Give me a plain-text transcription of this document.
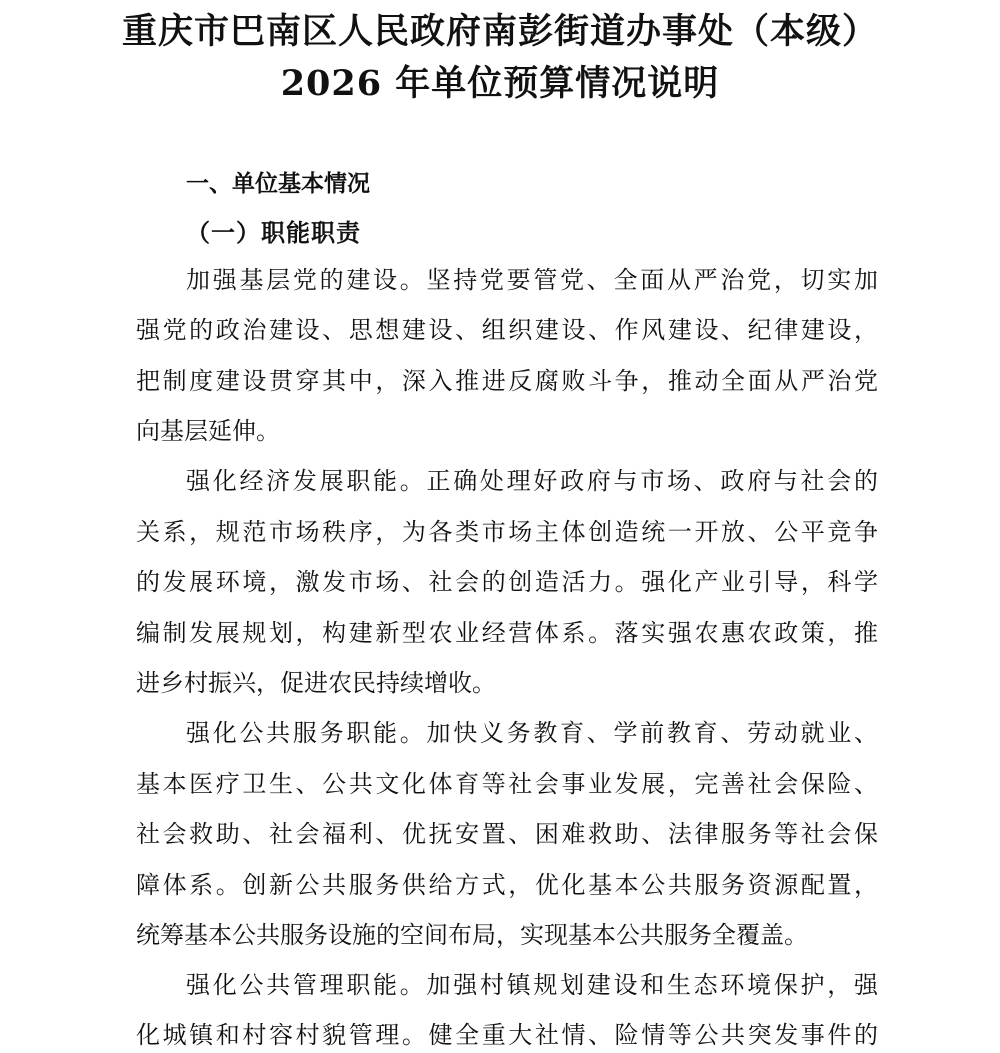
重庆市巴南区人民政府南彭街道办事处（本级）
2026 年单位预算情况说明
一、单位基本情况
（一）职能职责

加强基层党的建设。坚持党要管党、全面从严治党，切实加

强党的政治建设、思想建设、组织建设、作风建设、纪律建设，

把制度建设贯穿其中，深入推进反腐败斗争，推动全面从严治党

向基层延伸。

强化经济发展职能。正确处理好政府与市场、政府与社会的

关系，规范市场秩序，为各类市场主体创造统一开放、公平竞争

的发展环境，激发市场、社会的创造活力。强化产业引导，科学

编制发展规划，构建新型农业经营体系。落实强农惠农政策，推

进乡村振兴，促进农民持续增收。

强化公共服务职能。加快义务教育、学前教育、劳动就业、

基本医疗卫生、公共文化体育等社会事业发展，完善社会保险、

社会救助、社会福利、优抚安置、困难救助、法律服务等社会保

障体系。创新公共服务供给方式，优化基本公共服务资源配置，

统筹基本公共服务设施的空间布局，实现基本公共服务全覆盖。

强化公共管理职能。加强村镇规划建设和生态环境保护，强

化城镇和村容村貌管理。健全重大社情、险情等公共突发事件的
